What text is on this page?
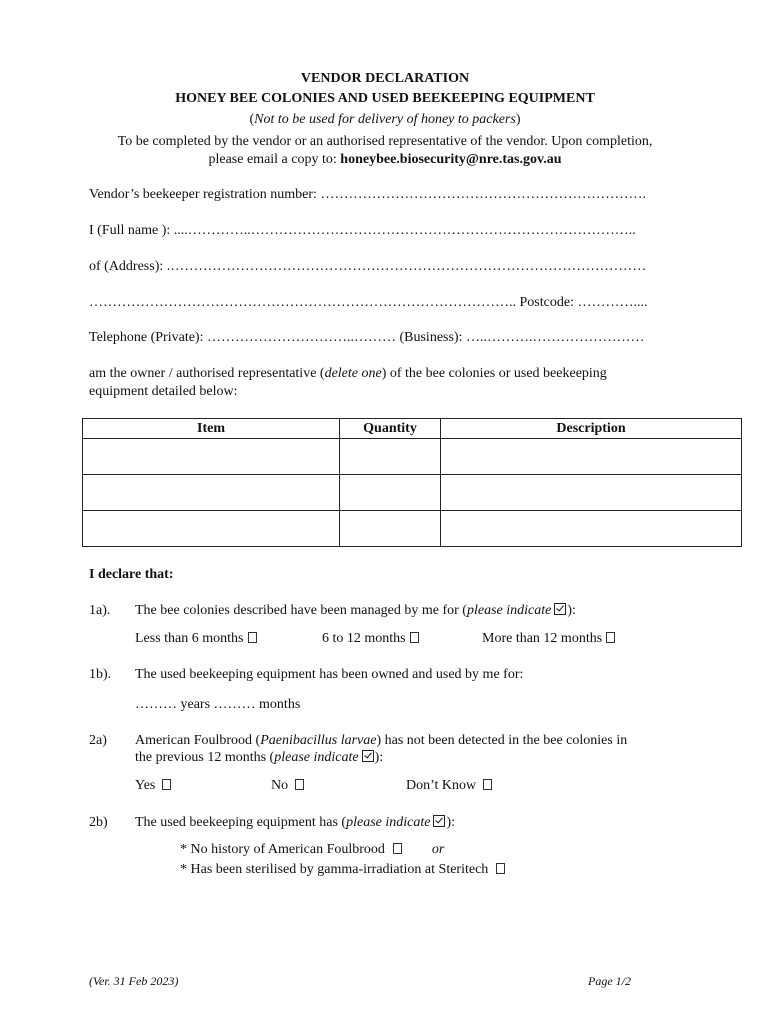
VENDOR DECLARATION
HONEY BEE COLONIES AND USED BEEKEEPING EQUIPMENT
(Not to be used for delivery of honey to packers)
To be completed by the vendor or an authorised representative of the vendor. Upon completion,
please email a copy to: honeybee.biosecurity@nre.tas.gov.au
Vendor’s beekeeper registration number: …………………………………………………………….
I (Full name ): ....…………..………………………………………………………………………..
of (Address): .…………………………………………………………………………………………
……………………………………………………………………………….. Postcode: …………....
Telephone (Private): …………………………..……… (Business): …..……….……………………
am the owner / authorised representative (delete one) of the bee colonies or used beekeeping
equipment detailed below:
Item	Quantity	Description

I declare that:
1a). The bee colonies described have been managed by me for (please indicate ):
Less than 6 months	6 to 12 months	More than 12 months
1b). The used beekeeping equipment has been owned and used by me for:
……… years ……… months
2a) American Foulbrood (Paenibacillus larvae) has not been detected in the bee colonies in
the previous 12 months (please indicate ):
Yes	No	Don’t Know
2b) The used beekeeping equipment has (please indicate ):
* No history of American Foulbrood	or
* Has been sterilised by gamma-irradiation at Steritech
(Ver. 31 Feb 2023)	Page 1/2
